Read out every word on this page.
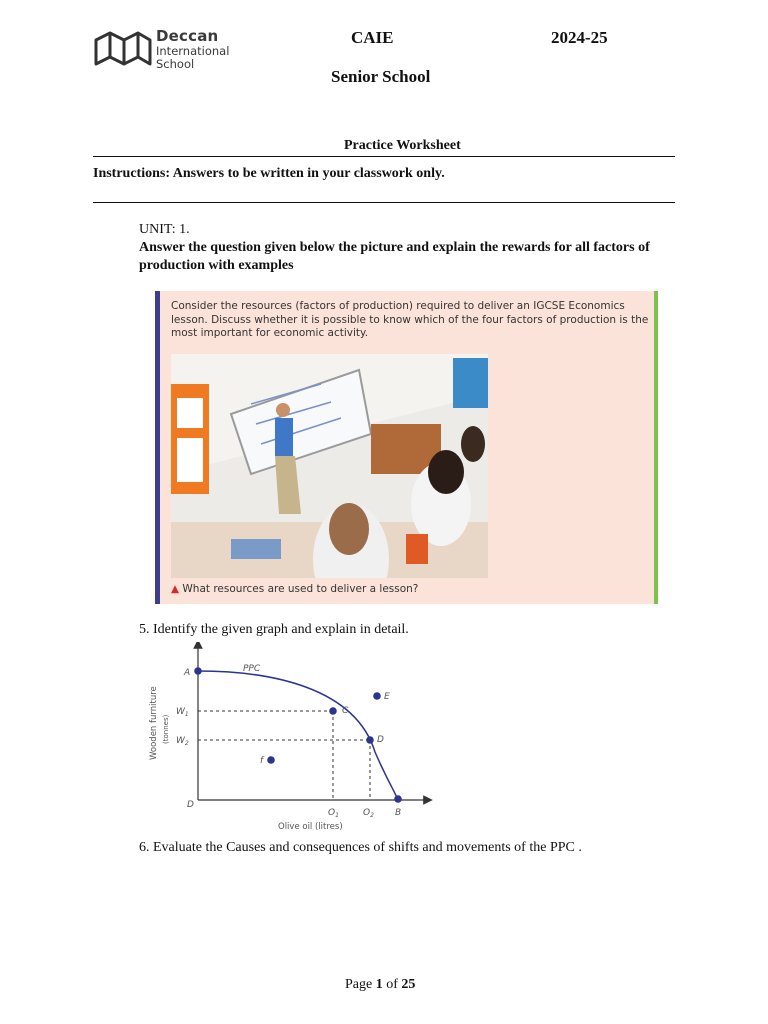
Deccan
International
School
CAIE	2024-25
Senior School
Practice Worksheet
Instructions: Answers to be written in your classwork only.
UNIT: 1.
Answer the question given below the picture and explain the rewards for all factors of production with examples
Consider the resources (factors of production) required to deliver an IGCSE Economics lesson. Discuss whether it is possible to know which of the four factors of production is the most important for economic activity.
▲ What resources are used to deliver a lesson?
5. Identify the given graph and explain in detail.
PPC
A
C
D
E
f
B
D
$W_1$
$W_2$
$O_1$	$O_2$
Olive oil (litres)
Wooden furniture (tonnes)
6. Evaluate the Causes and consequences of shifts and movements of the PPC .
Page 1 of 25
